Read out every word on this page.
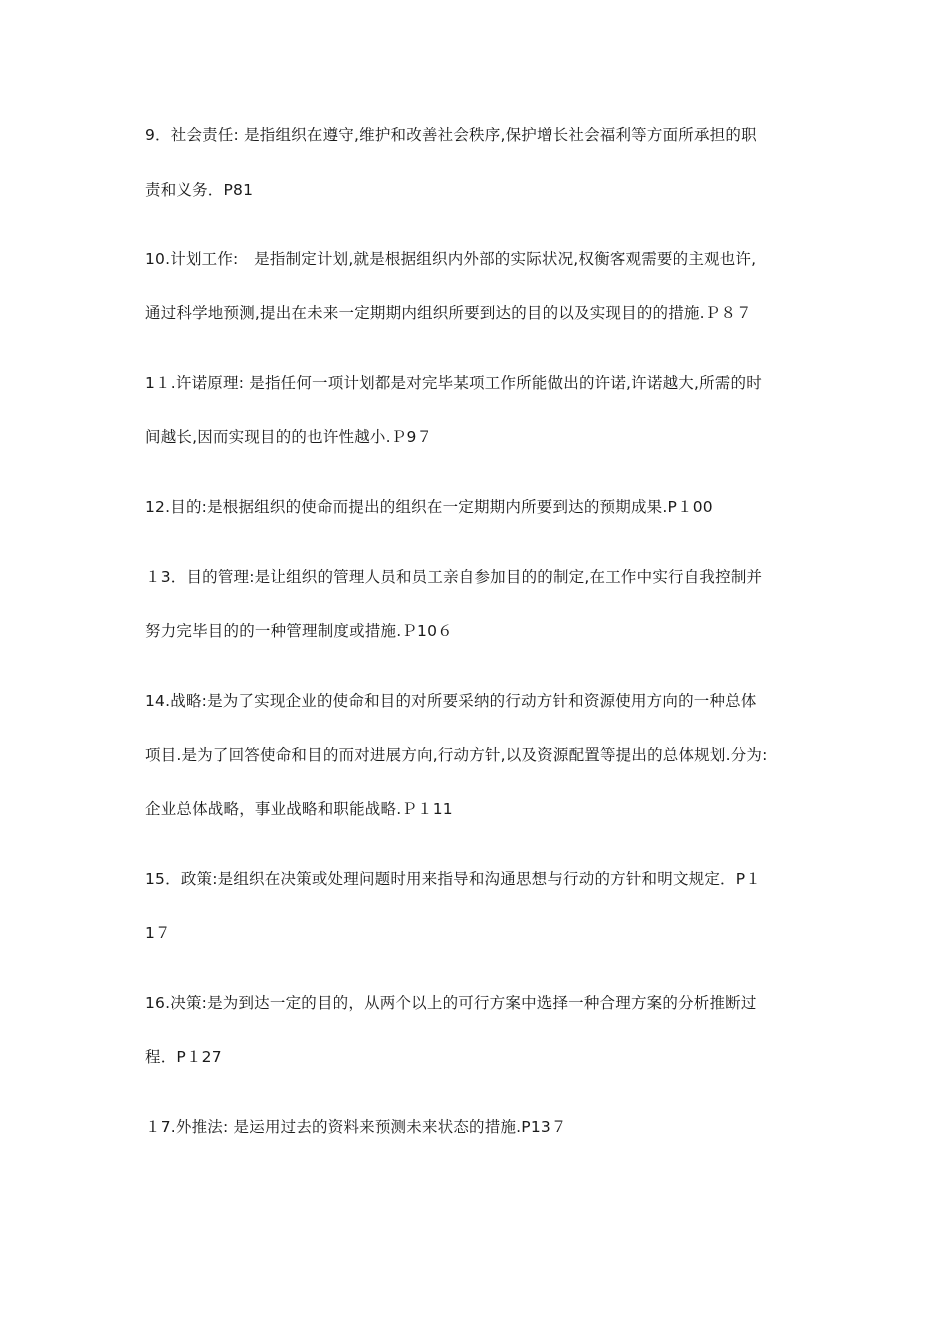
9．社会责任: 是指组织在遵守,维护和改善社会秩序,保护增长社会福利等方面所承担的职
责和义务．P81
10.计划工作:　是指制定计划,就是根据组织内外部的实际状况,权衡客观需要的主观也许,
通过科学地预测,提出在未来一定期期内组织所要到达的目的以及实现目的的措施.Ｐ８７
1１.许诺原理: 是指任何一项计划都是对完毕某项工作所能做出的许诺,许诺越大,所需的时
间越长,因而实现目的的也许性越小.Ｐ9７
12.目的:是根据组织的使命而提出的组织在一定期期内所要到达的预期成果.P１00
１3．目的管理:是让组织的管理人员和员工亲自参加目的的制定,在工作中实行自我控制并
努力完毕目的的一种管理制度或措施.Ｐ10６
14.战略:是为了实现企业的使命和目的对所要采纳的行动方针和资源使用方向的一种总体
项目.是为了回答使命和目的而对进展方向,行动方针,以及资源配置等提出的总体规划.分为:
企业总体战略，事业战略和职能战略.Ｐ１11
15．政策:是组织在决策或处理问题时用来指导和沟通思想与行动的方针和明文规定．P１
1７
16.决策:是为到达一定的目的，从两个以上的可行方案中选择一种合理方案的分析推断过
程．P１27
１7.外推法: 是运用过去的资料来预测未来状态的措施.P13７
